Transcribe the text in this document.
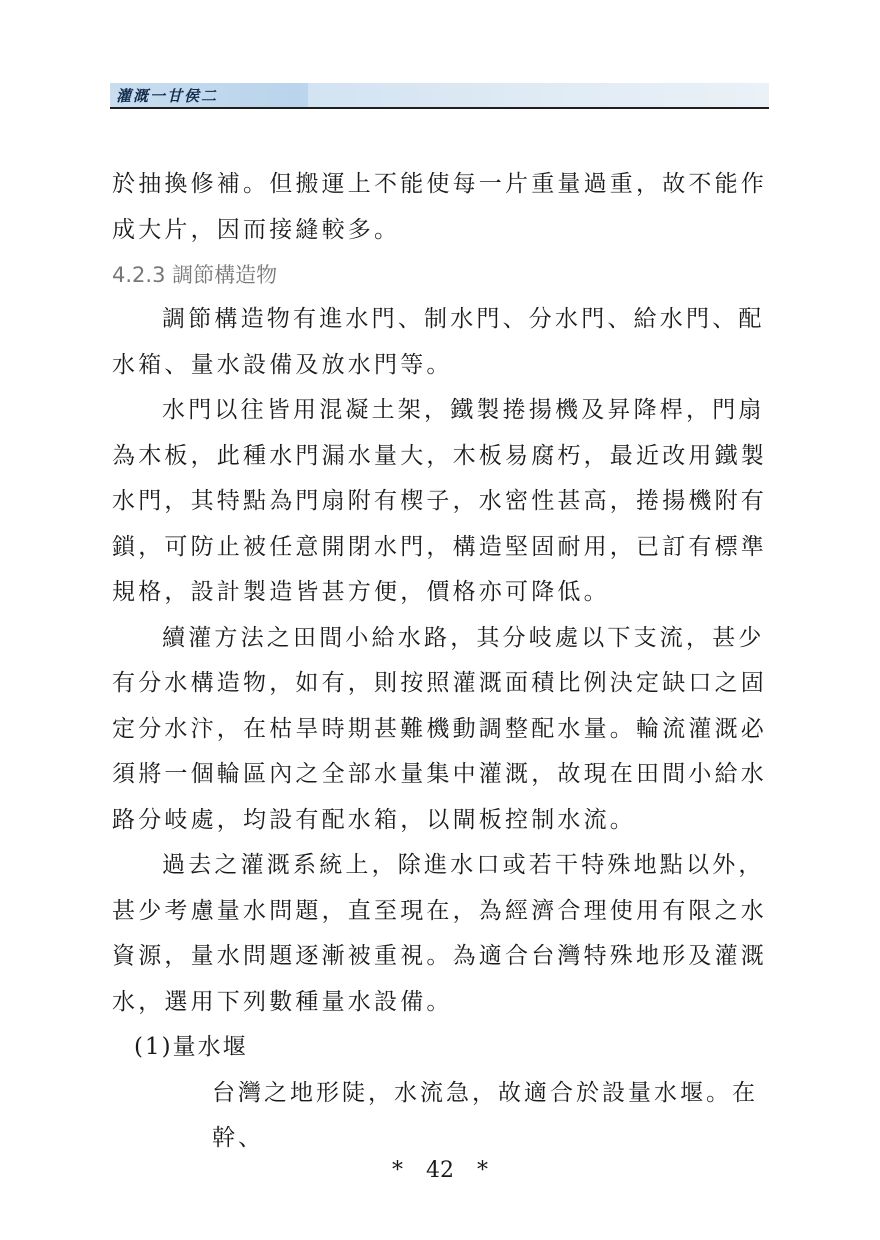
灌溉一甘侯二

於抽換修補。但搬運上不能使每一片重量過重，故不能作成大片，因而接縫較多。

4.2.3 調節構造物

調節構造物有進水門、制水門、分水門、給水門、配水箱、量水設備及放水門等。

水門以往皆用混凝土架，鐵製捲揚機及昇降桿，門扇為木板，此種水門漏水量大，木板易腐朽，最近改用鐵製水門，其特點為門扇附有楔子，水密性甚高，捲揚機附有鎖，可防止被任意開閉水門，構造堅固耐用，已訂有標準規格，設計製造皆甚方便，價格亦可降低。

續灌方法之田間小給水路，其分岐處以下支流，甚少有分水構造物，如有，則按照灌溉面積比例決定缺口之固定分水汴，在枯旱時期甚難機動調整配水量。輪流灌溉必須將一個輪區內之全部水量集中灌溉，故現在田間小給水路分岐處，均設有配水箱，以閘板控制水流。

過去之灌溉系統上，除進水口或若干特殊地點以外，甚少考慮量水問題，直至現在，為經濟合理使用有限之水資源，量水問題逐漸被重視。為適合台灣特殊地形及灌溉水，選用下列數種量水設備。

(1)量水堰

台灣之地形陡，水流急，故適合於設量水堰。在幹、

* 42 *
